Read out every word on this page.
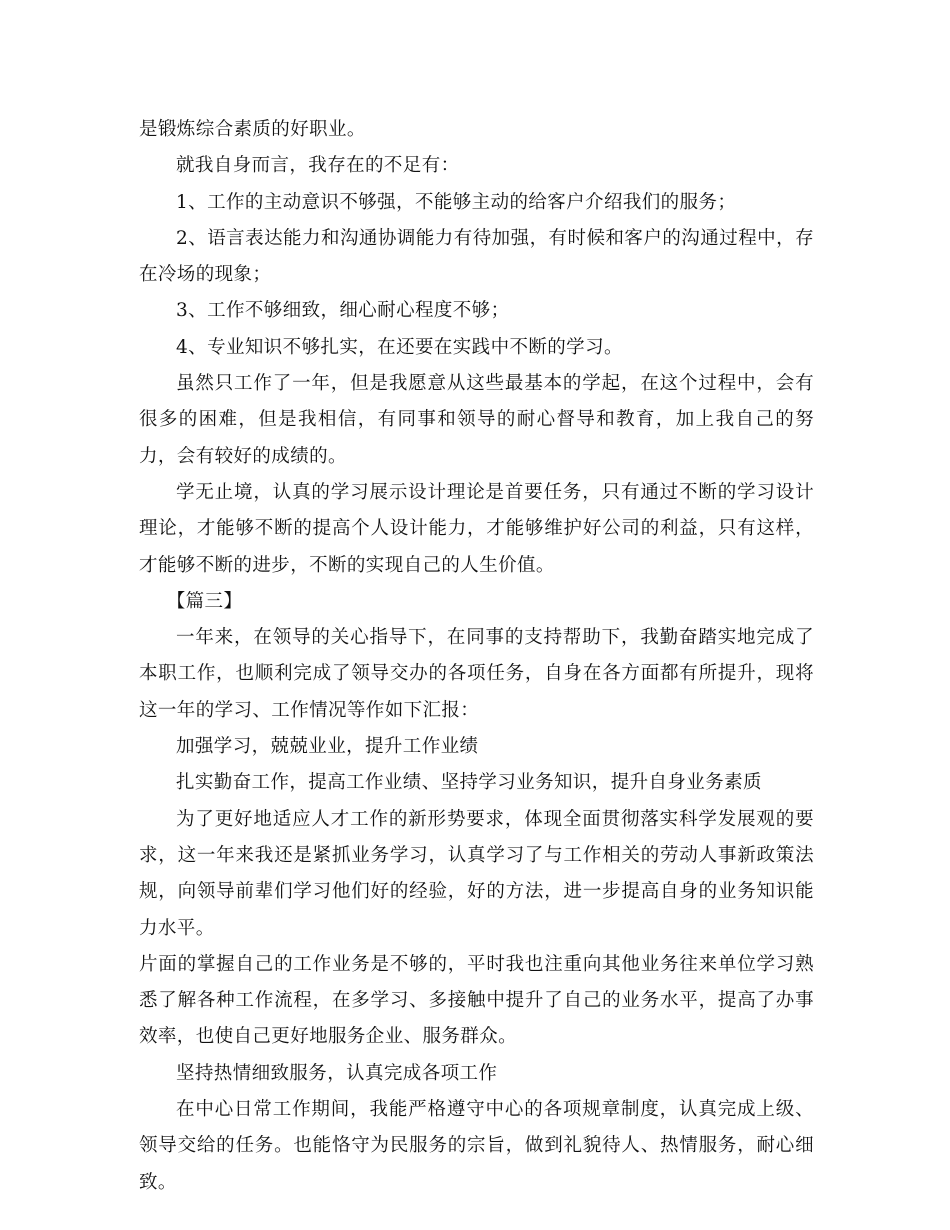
是锻炼综合素质的好职业。

就我自身而言，我存在的不足有：

1、工作的主动意识不够强，不能够主动的给客户介绍我们的服务；

2、语言表达能力和沟通协调能力有待加强，有时候和客户的沟通过程中，存在冷场的现象；

3、工作不够细致，细心耐心程度不够；

4、专业知识不够扎实，在还要在实践中不断的学习。

虽然只工作了一年，但是我愿意从这些最基本的学起，在这个过程中，会有很多的困难，但是我相信，有同事和领导的耐心督导和教育，加上我自己的努力，会有较好的成绩的。

学无止境，认真的学习展示设计理论是首要任务，只有通过不断的学习设计理论，才能够不断的提高个人设计能力，才能够维护好公司的利益，只有这样，才能够不断的进步，不断的实现自己的人生价值。

【篇三】

一年来，在领导的关心指导下，在同事的支持帮助下，我勤奋踏实地完成了本职工作，也顺利完成了领导交办的各项任务，自身在各方面都有所提升，现将这一年的学习、工作情况等作如下汇报：

加强学习，兢兢业业，提升工作业绩

扎实勤奋工作，提高工作业绩、坚持学习业务知识，提升自身业务素质

为了更好地适应人才工作的新形势要求，体现全面贯彻落实科学发展观的要求，这一年来我还是紧抓业务学习，认真学习了与工作相关的劳动人事新政策法规，向领导前辈们学习他们好的经验，好的方法，进一步提高自身的业务知识能力水平。

片面的掌握自己的工作业务是不够的，平时我也注重向其他业务往来单位学习熟悉了解各种工作流程，在多学习、多接触中提升了自己的业务水平，提高了办事效率，也使自己更好地服务企业、服务群众。

坚持热情细致服务，认真完成各项工作

在中心日常工作期间，我能严格遵守中心的各项规章制度，认真完成上级、领导交给的任务。也能恪守为民服务的宗旨，做到礼貌待人、热情服务，耐心细致。
